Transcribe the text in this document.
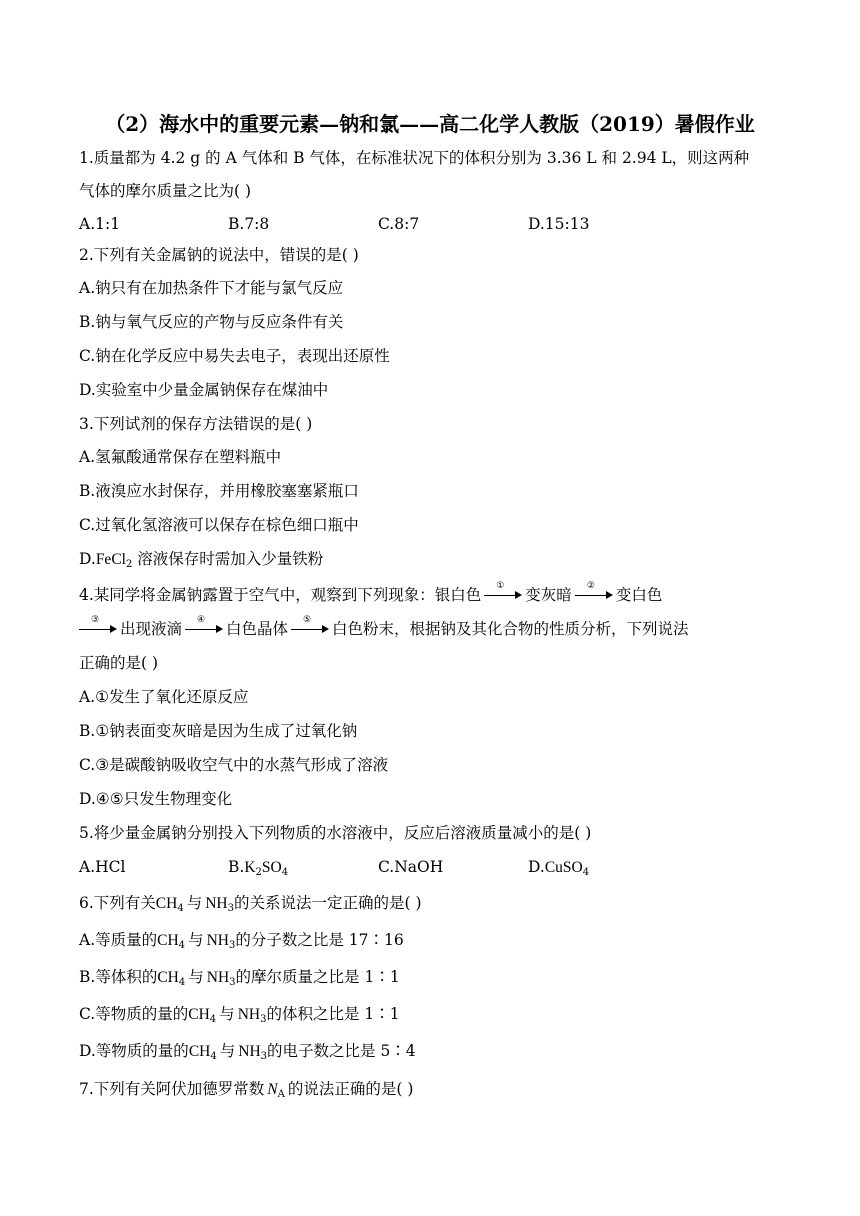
（2）海水中的重要元素—钠和氯——高二化学人教版（2019）暑假作业
1.质量都为 4.2 g 的 A 气体和 B 气体，在标准状况下的体积分别为 3.36 L 和 2.94 L，则这两种
气体的摩尔质量之比为( )
A.1:1	B.7:8	C.8:7	D.15:13
2.下列有关金属钠的说法中，错误的是( )
A.钠只有在加热条件下才能与氯气反应
B.钠与氧气反应的产物与反应条件有关
C.钠在化学反应中易失去电子，表现出还原性
D.实验室中少量金属钠保存在煤油中
3.下列试剂的保存方法错误的是( )
A.氢氟酸通常保存在塑料瓶中
B.液溴应水封保存，并用橡胶塞塞紧瓶口
C.过氧化氢溶液可以保存在棕色细口瓶中
D.FeCl$_2$ 溶液保存时需加入少量铁粉
4.某同学将金属钠露置于空气中，观察到下列现象：银白色 ① 变灰暗 ② 变白色
③ 出现液滴 ④ 白色晶体 ⑤ 白色粉末，根据钠及其化合物的性质分析，下列说法
正确的是( )
A.①发生了氧化还原反应
B.①钠表面变灰暗是因为生成了过氧化钠
C.③是碳酸钠吸收空气中的水蒸气形成了溶液
D.④⑤只发生物理变化
5.将少量金属钠分别投入下列物质的水溶液中，反应后溶液质量减小的是( )
A.HCl	$B.K_2SO_4$	C.NaOH	D.CuSO$_4$
6.下列有关$CH_4$ 与 $NH_3$的关系说法一定正确的是( )
A.等质量的$CH_4$ 与 $NH_3$的分子数之比是 17∶16
B.等体积的$CH_4$ 与 $NH_3$的摩尔质量之比是 1∶1
C.等物质的量的$CH_4$ 与 $NH_3$的体积之比是 1∶1
D.等物质的量的$CH_4$ 与 $NH_3$的电子数之比是 5∶4
7.下列有关阿伏加德罗常数 $N_A$ 的说法正确的是( )
